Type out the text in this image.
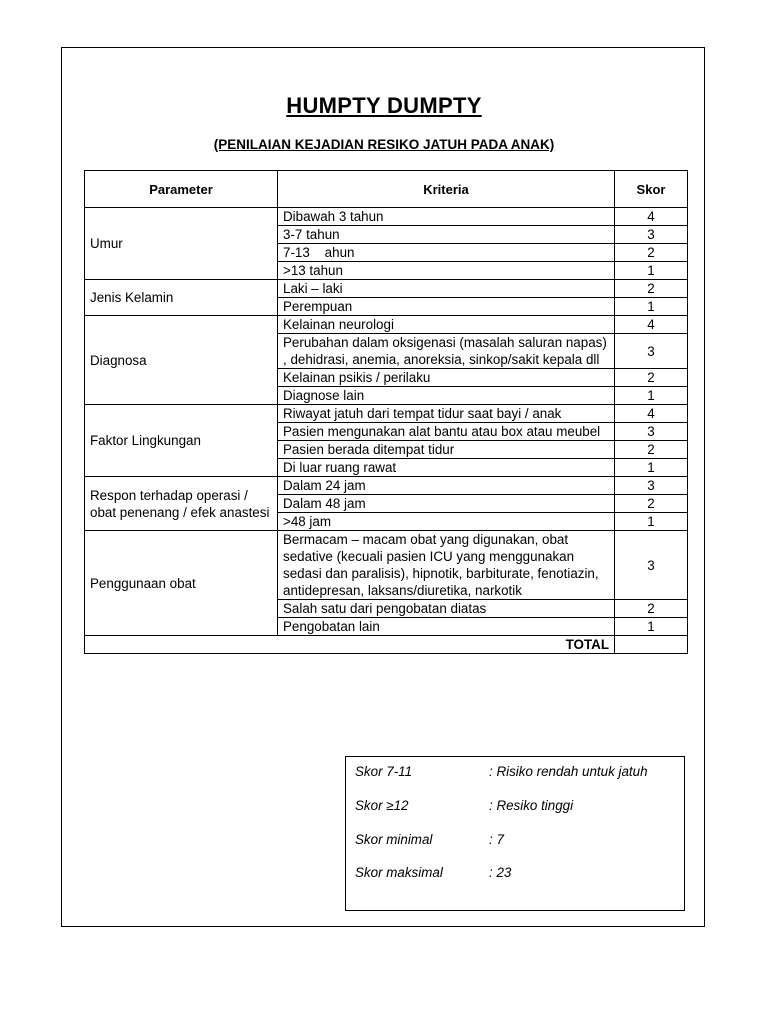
HUMPTY DUMPTY
(PENILAIAN KEJADIAN RESIKO JATUH PADA ANAK)
Parameter	Kriteria	Skor
Umur	Dibawah 3 tahun	4
	3-7 tahun	3
	7-13    ahun	2
	>13 tahun	1
Jenis Kelamin	Laki – laki	2
	Perempuan	1
Diagnosa	Kelainan neurologi	4
	Perubahan dalam oksigenasi (masalah saluran napas) , dehidrasi, anemia, anoreksia, sinkop/sakit kepala dll	3
	Kelainan psikis / perilaku	2
	Diagnose lain	1
Faktor Lingkungan	Riwayat jatuh dari tempat tidur saat bayi / anak	4
	Pasien mengunakan alat bantu atau box atau meubel	3
	Pasien berada ditempat tidur	2
	Di luar ruang rawat	1
Respon terhadap operasi / obat penenang / efek anastesi	Dalam 24 jam	3
	Dalam 48 jam	2
	>48 jam	1
Penggunaan obat	Bermacam – macam obat yang digunakan, obat sedative (kecuali pasien ICU yang menggunakan sedasi dan paralisis), hipnotik, barbiturate, fenotiazin, antidepresan, laksans/diuretika, narkotik	3
	Salah satu dari pengobatan diatas	2
	Pengobatan lain	1
TOTAL		
Skor 7-11	: Risiko rendah untuk jatuh
Skor ≥12	: Resiko tinggi
Skor minimal	: 7
Skor maksimal	: 23
